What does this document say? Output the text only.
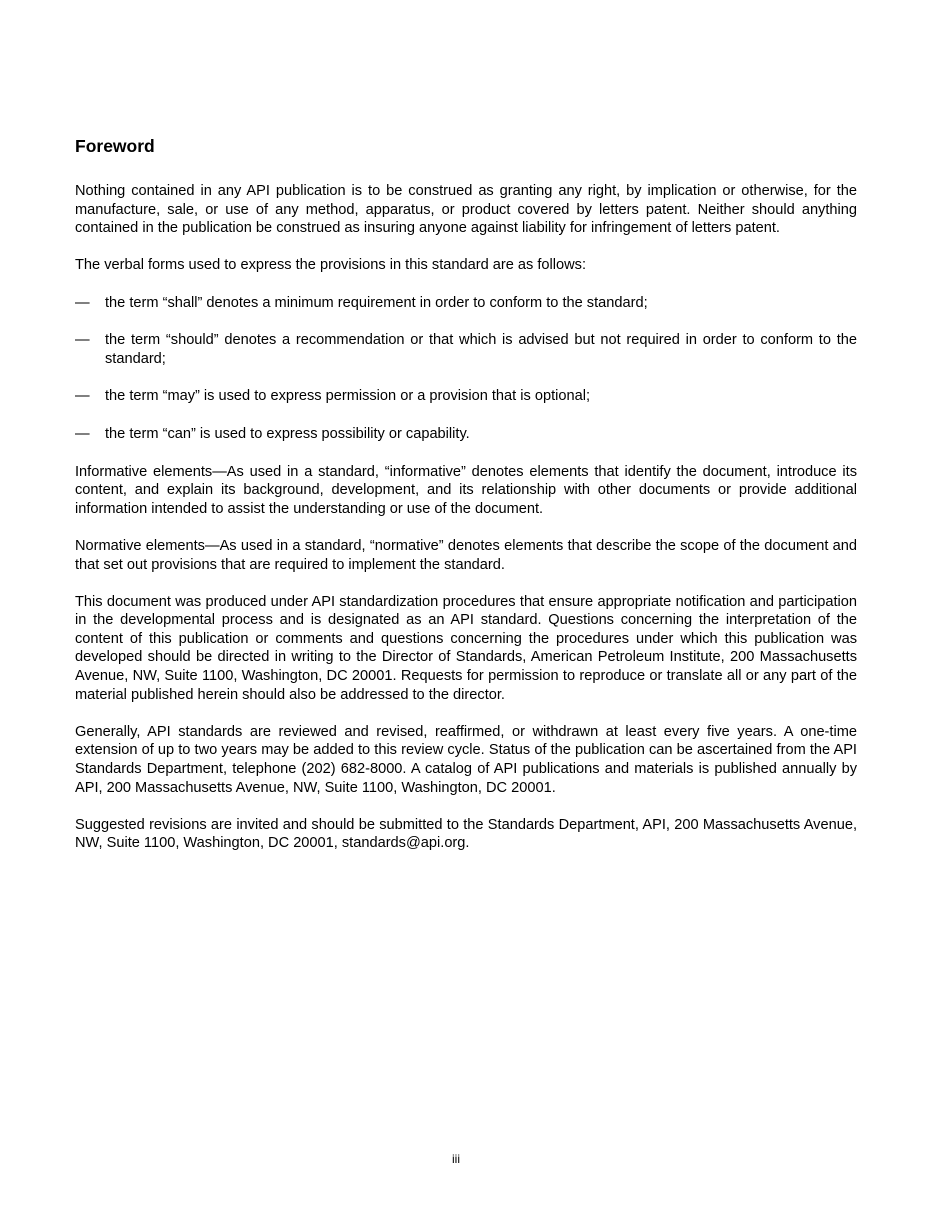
Foreword

Nothing contained in any API publication is to be construed as granting any right, by implication or otherwise, for the manufacture, sale, or use of any method, apparatus, or product covered by letters patent. Neither should anything contained in the publication be construed as insuring anyone against liability for infringement of letters patent.

The verbal forms used to express the provisions in this standard are as follows:

— the term “shall” denotes a minimum requirement in order to conform to the standard;
— the term “should” denotes a recommendation or that which is advised but not required in order to conform to the standard;
— the term “may” is used to express permission or a provision that is optional;
— the term “can” is used to express possibility or capability.

Informative elements—As used in a standard, “informative” denotes elements that identify the document, introduce its content, and explain its background, development, and its relationship with other documents or provide additional information intended to assist the understanding or use of the document.

Normative elements—As used in a standard, “normative” denotes elements that describe the scope of the document and that set out provisions that are required to implement the standard.

This document was produced under API standardization procedures that ensure appropriate notification and participation in the developmental process and is designated as an API standard. Questions concerning the interpretation of the content of this publication or comments and questions concerning the procedures under which this publication was developed should be directed in writing to the Director of Standards, American Petroleum Institute, 200 Massachusetts Avenue, NW, Suite 1100, Washington, DC 20001. Requests for permission to reproduce or translate all or any part of the material published herein should also be addressed to the director.

Generally, API standards are reviewed and revised, reaffirmed, or withdrawn at least every five years. A one-time extension of up to two years may be added to this review cycle. Status of the publication can be ascertained from the API Standards Department, telephone (202) 682-8000. A catalog of API publications and materials is published annually by API, 200 Massachusetts Avenue, NW, Suite 1100, Washington, DC 20001.

Suggested revisions are invited and should be submitted to the Standards Department, API, 200 Massachusetts Avenue, NW, Suite 1100, Washington, DC 20001, standards@api.org.

iii
